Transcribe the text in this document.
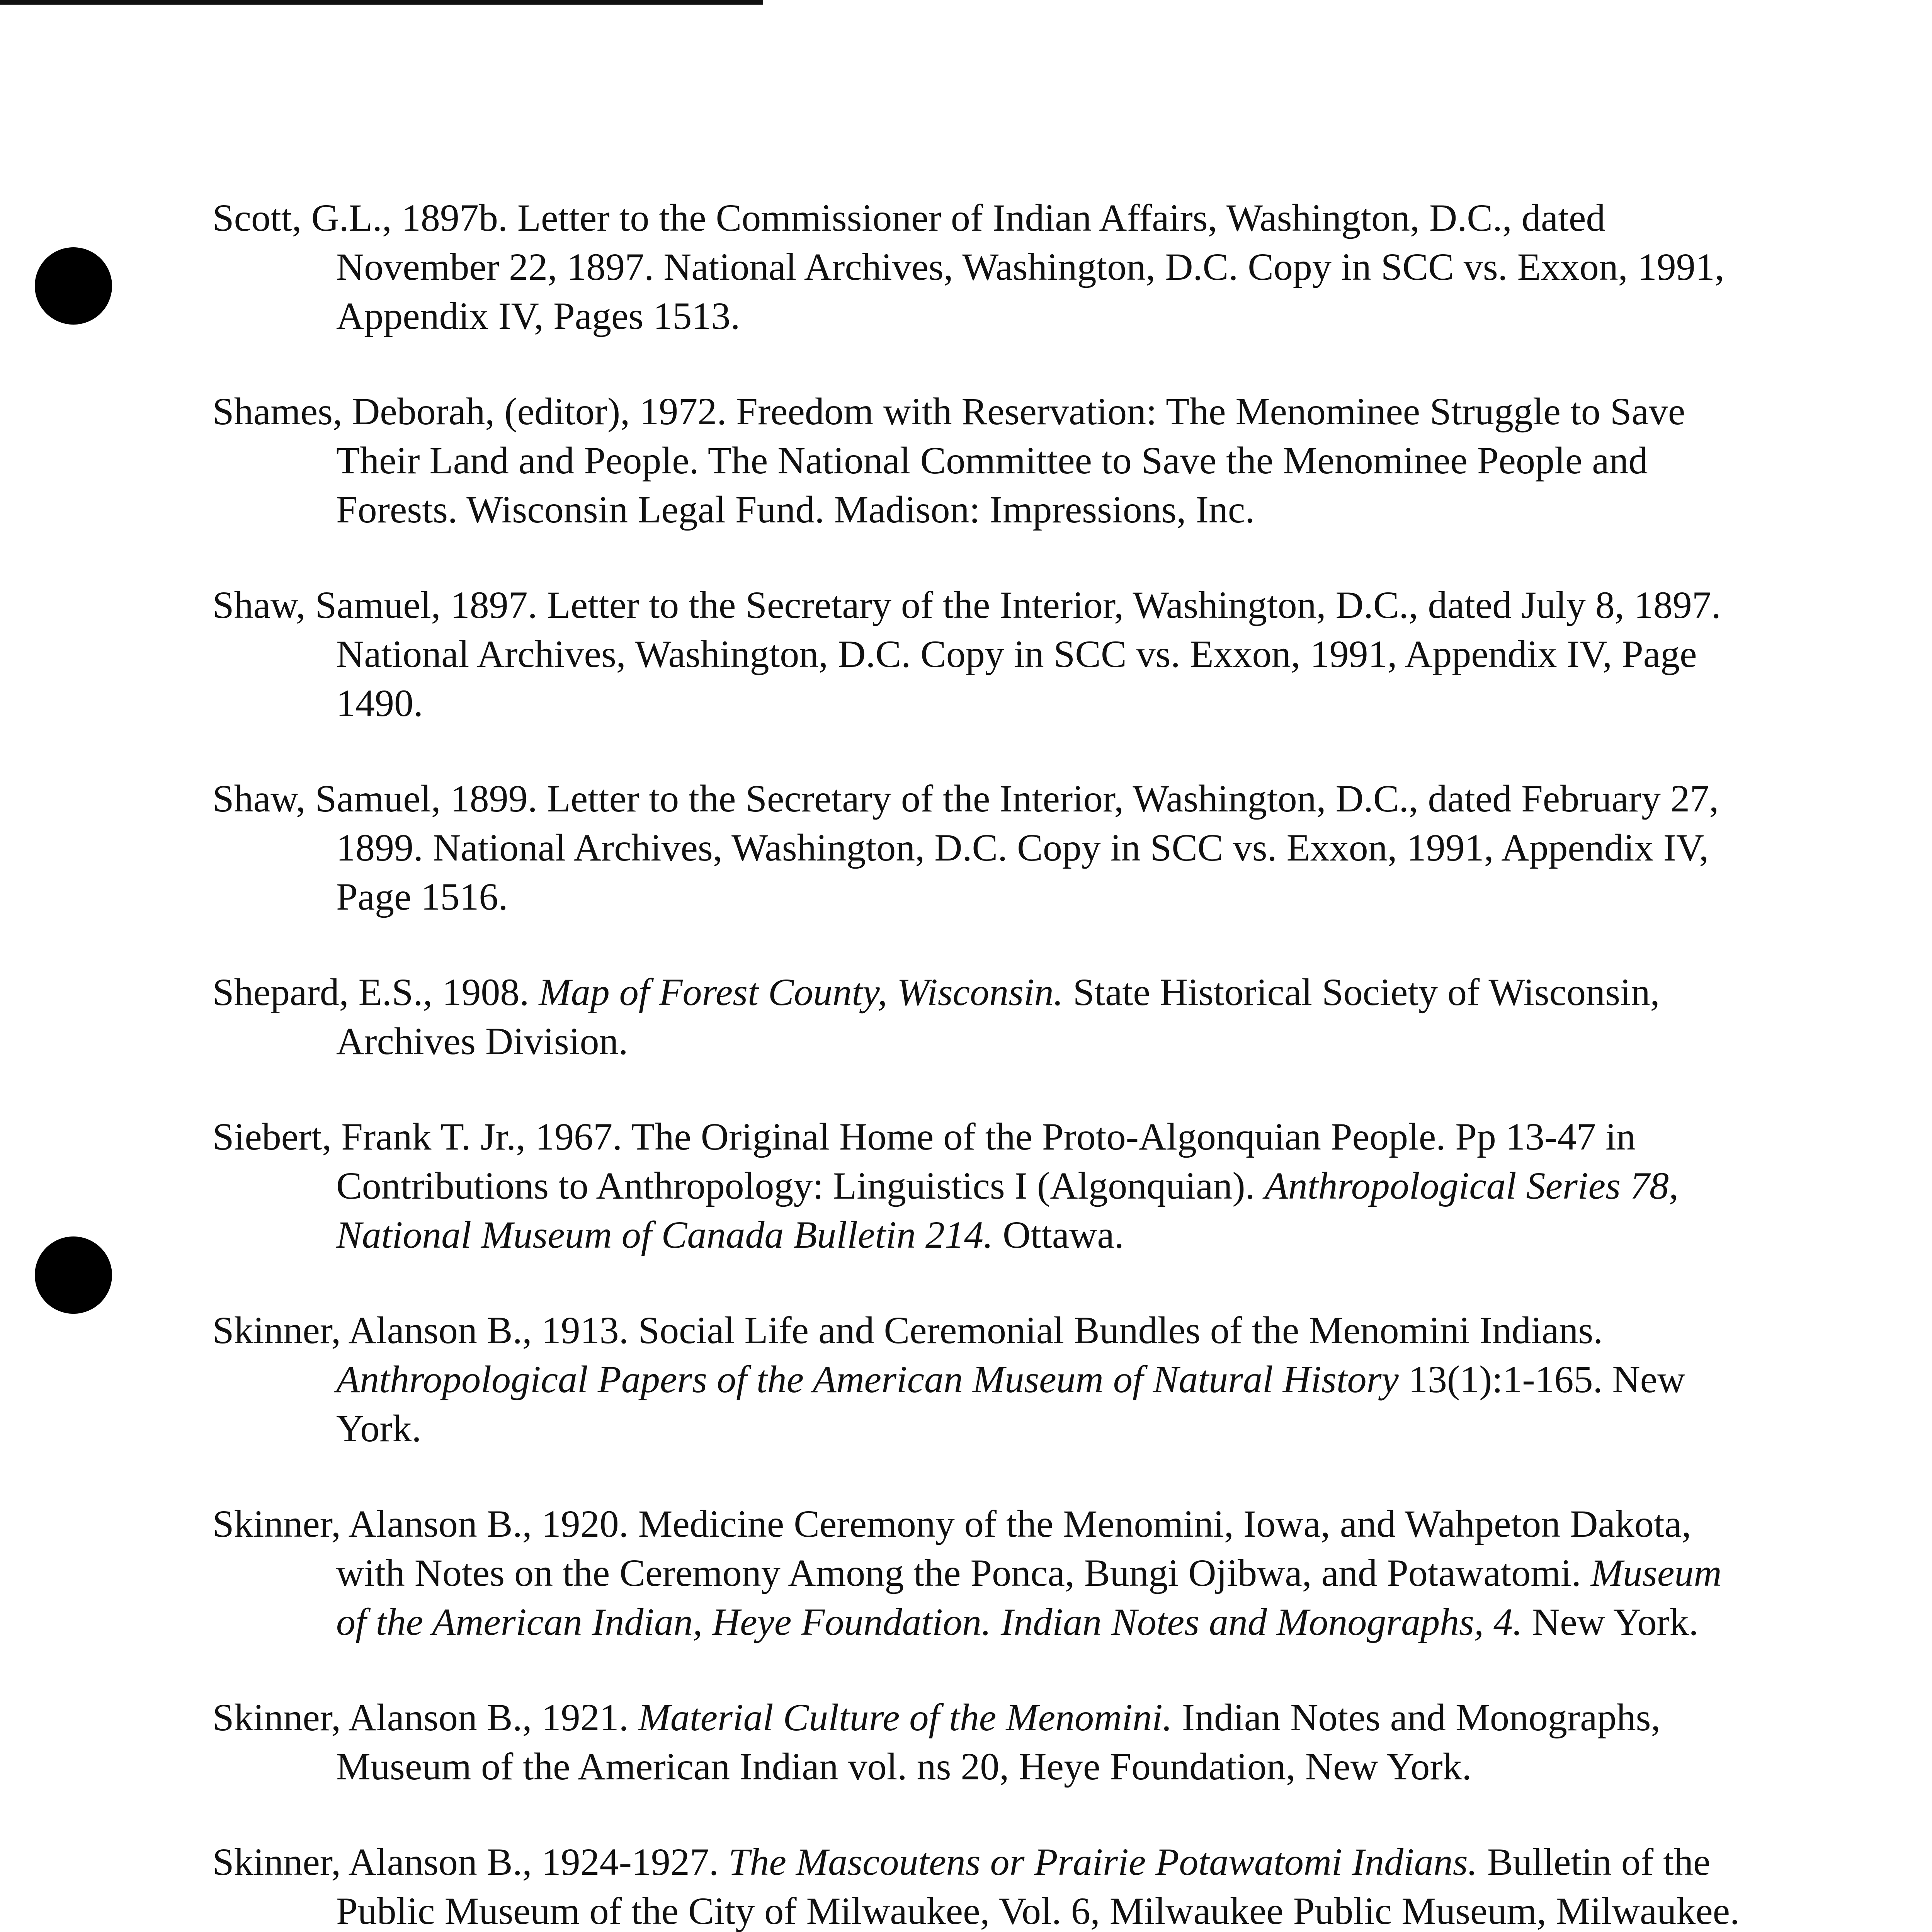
Scott, G.L., 1897b. Letter to the Commissioner of Indian Affairs, Washington, D.C., dated November 22, 1897. National Archives, Washington, D.C. Copy in SCC vs. Exxon, 1991, Appendix IV, Pages 1513.

Shames, Deborah, (editor), 1972. Freedom with Reservation: The Menominee Struggle to Save Their Land and People. The National Committee to Save the Menominee People and Forests. Wisconsin Legal Fund. Madison: Impressions, Inc.

Shaw, Samuel, 1897. Letter to the Secretary of the Interior, Washington, D.C., dated July 8, 1897. National Archives, Washington, D.C. Copy in SCC vs. Exxon, 1991, Appendix IV, Page 1490.

Shaw, Samuel, 1899. Letter to the Secretary of the Interior, Washington, D.C., dated February 27, 1899. National Archives, Washington, D.C. Copy in SCC vs. Exxon, 1991, Appendix IV, Page 1516.

Shepard, E.S., 1908. Map of Forest County, Wisconsin. State Historical Society of Wisconsin, Archives Division.

Siebert, Frank T. Jr., 1967. The Original Home of the Proto-Algonquian People. Pp 13-47 in Contributions to Anthropology: Linguistics I (Algonquian). Anthropological Series 78, National Museum of Canada Bulletin 214. Ottawa.

Skinner, Alanson B., 1913. Social Life and Ceremonial Bundles of the Menomini Indians. Anthropological Papers of the American Museum of Natural History 13(1):1-165. New York.

Skinner, Alanson B., 1920. Medicine Ceremony of the Menomini, Iowa, and Wahpeton Dakota, with Notes on the Ceremony Among the Ponca, Bungi Ojibwa, and Potawatomi. Museum of the American Indian, Heye Foundation. Indian Notes and Monographs, 4. New York.

Skinner, Alanson B., 1921. Material Culture of the Menomini. Indian Notes and Monographs, Museum of the American Indian vol. ns 20, Heye Foundation, New York.

Skinner, Alanson B., 1924-1927. The Mascoutens or Prairie Potawatomi Indians. Bulletin of the Public Museum of the City of Milwaukee, Vol. 6, Milwaukee Public Museum, Milwaukee.
